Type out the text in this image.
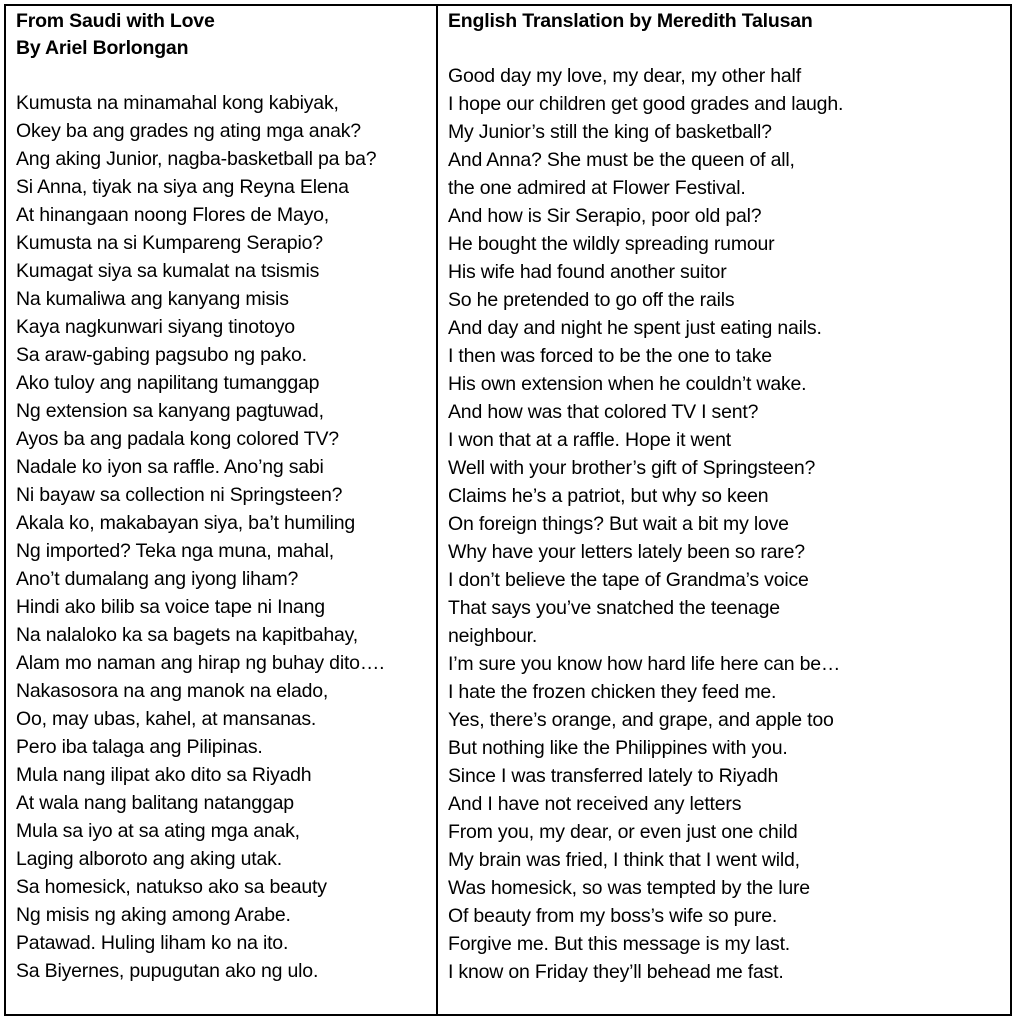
From Saudi with Love
By Ariel Borlongan
Kumusta na minamahal kong kabiyak,
Okey ba ang grades ng ating mga anak?
Ang aking Junior, nagba-basketball pa ba?
Si Anna, tiyak na siya ang Reyna Elena
At hinangaan noong Flores de Mayo,
Kumusta na si Kumpareng Serapio?
Kumagat siya sa kumalat na tsismis
Na kumaliwa ang kanyang misis
Kaya nagkunwari siyang tinotoyo
Sa araw-gabing pagsubo ng pako.
Ako tuloy ang napilitang tumanggap
Ng extension sa kanyang pagtuwad,
Ayos ba ang padala kong colored TV?
Nadale ko iyon sa raffle. Ano’ng sabi
Ni bayaw sa collection ni Springsteen?
Akala ko, makabayan siya, ba’t humiling
Ng imported? Teka nga muna, mahal,
Ano’t dumalang ang iyong liham?
Hindi ako bilib sa voice tape ni Inang
Na nalaloko ka sa bagets na kapitbahay,
Alam mo naman ang hirap ng buhay dito….
Nakasosora na ang manok na elado,
Oo, may ubas, kahel, at mansanas.
Pero iba talaga ang Pilipinas.
Mula nang ilipat ako dito sa Riyadh
At wala nang balitang natanggap
Mula sa iyo at sa ating mga anak,
Laging alboroto ang aking utak.
Sa homesick, natukso ako sa beauty
Ng misis ng aking among Arabe.
Patawad. Huling liham ko na ito.
Sa Biyernes, pupugutan ako ng ulo.
English Translation by Meredith Talusan
Good day my love, my dear, my other half
I hope our children get good grades and laugh.
My Junior’s still the king of basketball?
And Anna? She must be the queen of all,
the one admired at Flower Festival.
And how is Sir Serapio, poor old pal?
He bought the wildly spreading rumour
His wife had found another suitor
So he pretended to go off the rails
And day and night he spent just eating nails.
I then was forced to be the one to take
His own extension when he couldn’t wake.
And how was that colored TV I sent?
I won that at a raffle. Hope it went
Well with your brother’s gift of Springsteen?
Claims he’s a patriot, but why so keen
On foreign things? But wait a bit my love
Why have your letters lately been so rare?
I don’t believe the tape of Grandma’s voice
That says you’ve snatched the teenage
neighbour.
I’m sure you know how hard life here can be…
I hate the frozen chicken they feed me.
Yes, there’s orange, and grape, and apple too
But nothing like the Philippines with you.
Since I was transferred lately to Riyadh
And I have not received any letters
From you, my dear, or even just one child
My brain was fried, I think that I went wild,
Was homesick, so was tempted by the lure
Of beauty from my boss’s wife so pure.
Forgive me. But this message is my last.
I know on Friday they’ll behead me fast.
